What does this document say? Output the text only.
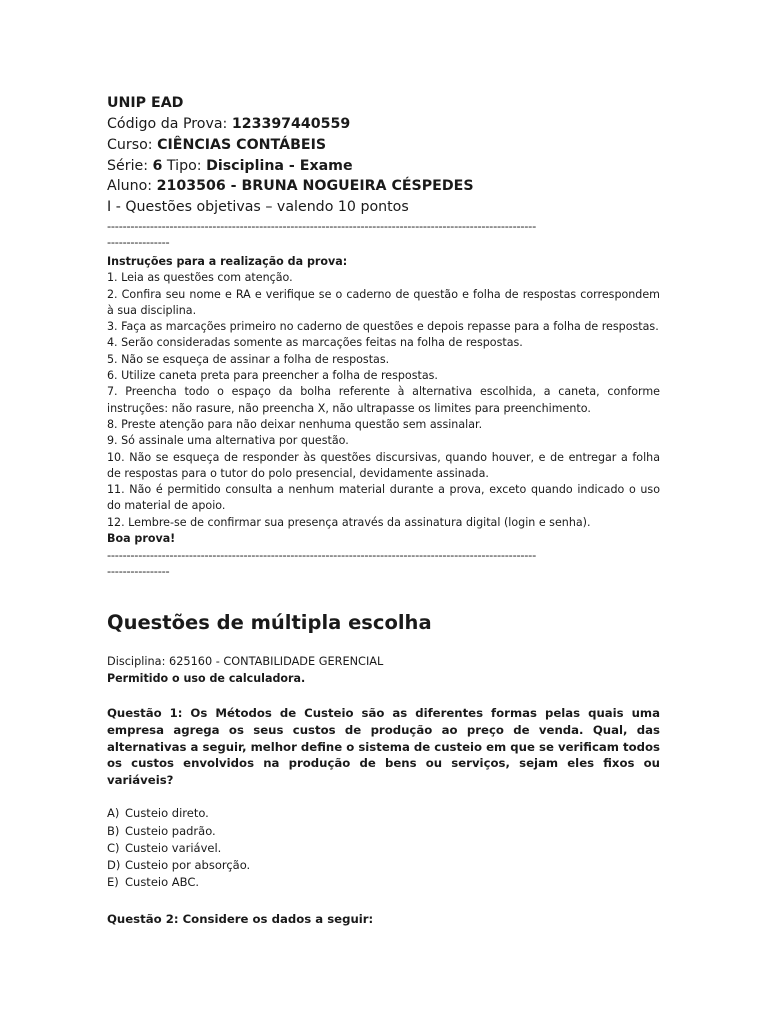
UNIP EAD
Código da Prova: 123397440559
Curso: CIÊNCIAS CONTÁBEIS
Série: 6 Tipo: Disciplina - Exame
Aluno: 2103506 - BRUNA NOGUEIRA CÉSPEDES
I - Questões objetivas – valendo 10 pontos
--------------------------------------------------------------------------------------------------------------
----------------
Instruções para a realização da prova:
1. Leia as questões com atenção.
2. Confira seu nome e RA e verifique se o caderno de questão e folha de respostas correspondem à sua disciplina.
3. Faça as marcações primeiro no caderno de questões e depois repasse para a folha de respostas.
4. Serão consideradas somente as marcações feitas na folha de respostas.
5. Não se esqueça de assinar a folha de respostas.
6. Utilize caneta preta para preencher a folha de respostas.
7. Preencha todo o espaço da bolha referente à alternativa escolhida, a caneta, conforme instruções: não rasure, não preencha X, não ultrapasse os limites para preenchimento.
8. Preste atenção para não deixar nenhuma questão sem assinalar.
9. Só assinale uma alternativa por questão.
10. Não se esqueça de responder às questões discursivas, quando houver, e de entregar a folha de respostas para o tutor do polo presencial, devidamente assinada.
11. Não é permitido consulta a nenhum material durante a prova, exceto quando indicado o uso do material de apoio.
12. Lembre-se de confirmar sua presença através da assinatura digital (login e senha).
Boa prova!
--------------------------------------------------------------------------------------------------------------
----------------
Questões de múltipla escolha
Disciplina: 625160 - CONTABILIDADE GERENCIAL
Permitido o uso de calculadora.
Questão 1: Os Métodos de Custeio são as diferentes formas pelas quais uma empresa agrega os seus custos de produção ao preço de venda. Qual, das alternativas a seguir, melhor define o sistema de custeio em que se verificam todos os custos envolvidos na produção de bens ou serviços, sejam eles fixos ou variáveis?
A) Custeio direto.
B) Custeio padrão.
C) Custeio variável.
D) Custeio por absorção.
E) Custeio ABC.
Questão 2: Considere os dados a seguir:
